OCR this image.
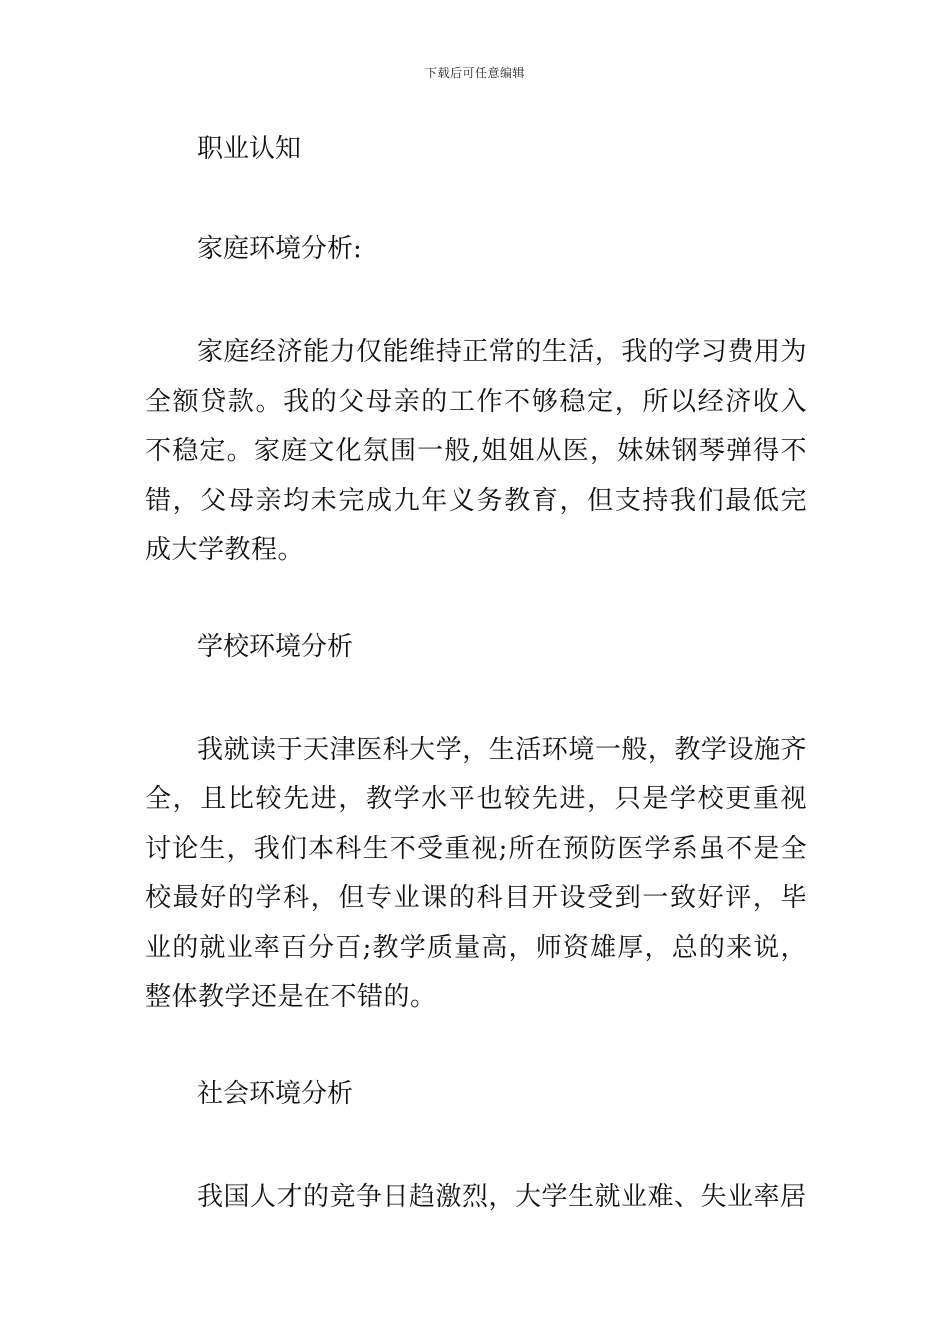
下载后可任意编辑
职业认知
家庭环境分析:

家庭经济能力仅能维持正常的生活，我的学习费用为全额贷款。我的父母亲的工作不够稳定，所以经济收入不稳定。家庭文化氛围一般,姐姐从医，妹妹钢琴弹得不错，父母亲均未完成九年义务教育，但支持我们最低完成大学教程。

学校环境分析

我就读于天津医科大学，生活环境一般，教学设施齐全，且比较先进，教学水平也较先进，只是学校更重视讨论生，我们本科生不受重视;所在预防医学系虽不是全校最好的学科，但专业课的科目开设受到一致好评，毕业的就业率百分百;教学质量高，师资雄厚，总的来说，整体教学还是在不错的。

社会环境分析

我国人才的竞争日趋激烈，大学生就业难、失业率居
